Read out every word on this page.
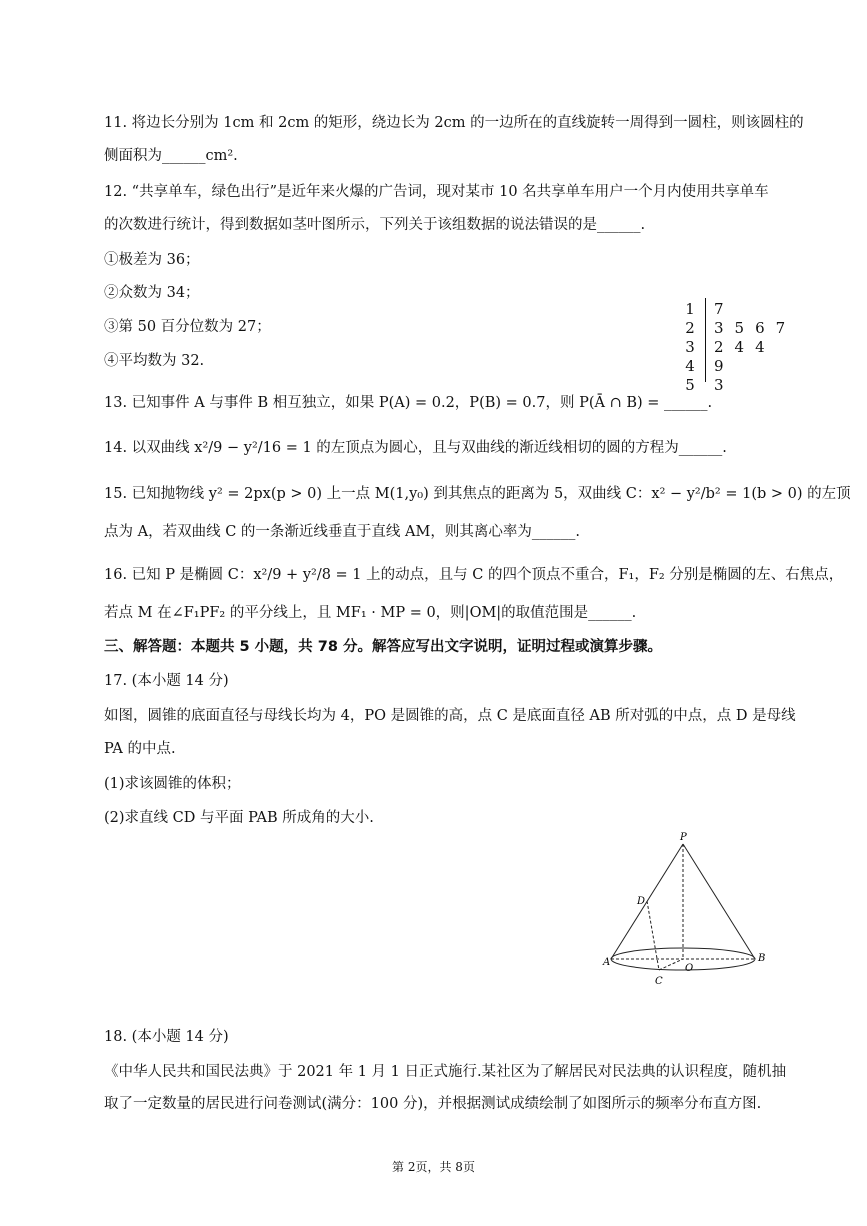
11. 将边长分别为 1cm 和 2cm 的矩形，绕边长为 2cm 的一边所在的直线旋转一周得到一圆柱，则该圆柱的
侧面积为______cm².
12. “共享单车，绿色出行”是近年来火爆的广告词，现对某市 10 名共享单车用户一个月内使用共享单车
的次数进行统计，得到数据如茎叶图所示，下列关于该组数据的说法错误的是______.
①极差为 36；
②众数为 34；
③第 50 百分位数为 27；
④平均数为 32.
1 7
2 3567
3 244
4 9
5 3
13. 已知事件 A 与事件 B 相互独立，如果 P(A) = 0.2，P(B) = 0.7，则 P(Ā ∩ B) = ______.
14. 以双曲线 x²/9 − y²/16 = 1 的左顶点为圆心，且与双曲线的渐近线相切的圆的方程为______.
15. 已知抛物线 y² = 2px(p > 0) 上一点 M(1,y₀) 到其焦点的距离为 5，双曲线 C：x² − y²/b² = 1(b > 0) 的左顶
点为 A，若双曲线 C 的一条渐近线垂直于直线 AM，则其离心率为______.
16. 已知 P 是椭圆 C：x²/9 + y²/8 = 1 上的动点，且与 C 的四个顶点不重合，F₁，F₂ 分别是椭圆的左、右焦点，
若点 M 在∠F₁PF₂ 的平分线上，且 MF₁ · MP = 0，则|OM|的取值范围是______.
三、解答题：本题共 5 小题，共 78 分。解答应写出文字说明，证明过程或演算步骤。
17. (本小题 14 分)
如图，圆锥的底面直径与母线长均为 4，PO 是圆锥的高，点 C 是底面直径 AB 所对弧的中点，点 D 是母线
PA 的中点.
(1)求该圆锥的体积；
(2)求直线 CD 与平面 PAB 所成角的大小.
P
D
A
O
B
C
18. (本小题 14 分)
《中华人民共和国民法典》于 2021 年 1 月 1 日正式施行.某社区为了解居民对民法典的认识程度，随机抽
取了一定数量的居民进行问卷测试(满分：100 分)，并根据测试成绩绘制了如图所示的频率分布直方图.
第 2页，共 8页
